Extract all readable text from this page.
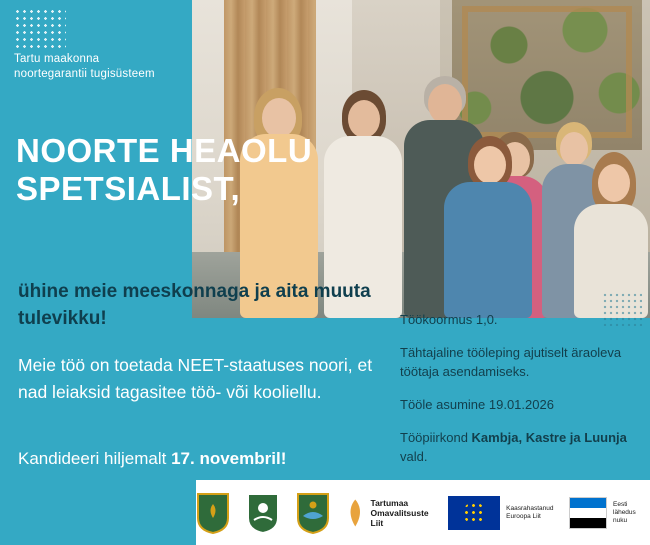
Tartu maakonna
noortegarantii tugisüsteem
NOORTE HEAOLU SPETSIALIST,
ühine meie meeskonnaga ja aita muuta tulevikku!
Meie töö on toetada NEET-staatuses noori, et nad leiaksid tagasitee töö- või kooliellu.
Kandideeri hiljemalt 17. novembril!

Töökoormus 1,0.

Tähtajaline tööleping ajutiselt äraoleva töötaja asendamiseks.

Tööle asumine 19.01.2026

Tööpiirkond Kambja, Kastre ja Luunja vald.

Tartumaa
Omavalitsuste Liit
Kaasrahastanud
Euroopa Liit
Eesti
lähedus nuku
